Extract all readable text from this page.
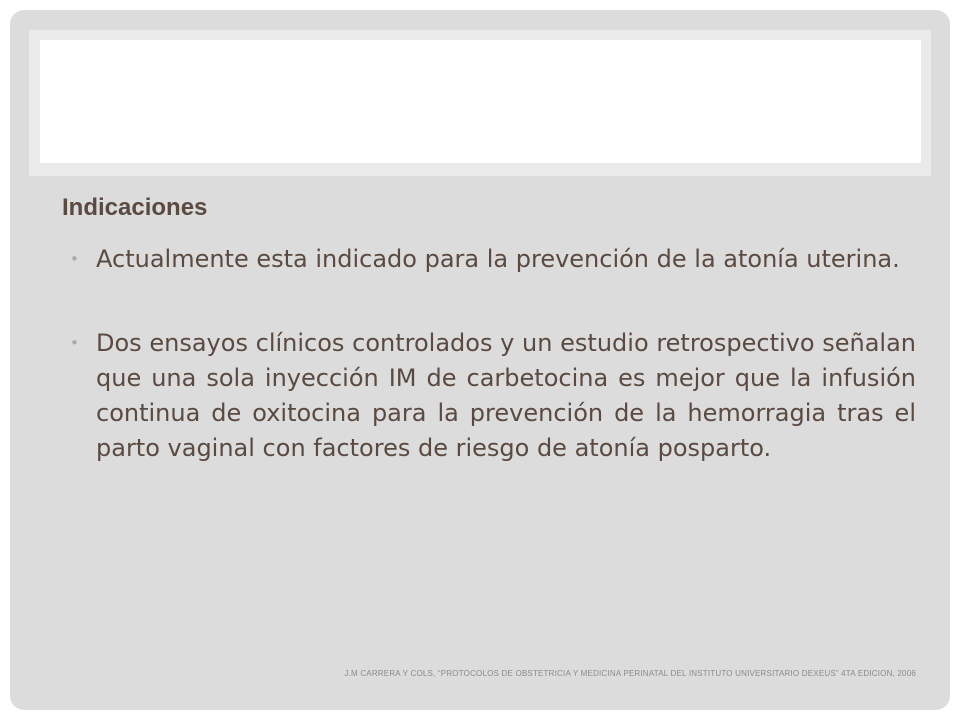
Indicaciones
• Actualmente esta indicado para la prevención de la atonía uterina.
• Dos ensayos clínicos controlados y un estudio retrospectivo señalan que una sola inyección IM de carbetocina es mejor que la infusión continua de oxitocina para la prevención de la hemorragia tras el parto vaginal con factores de riesgo de atonía posparto.
J.M CARRERA Y COLS, “PROTOCOLOS DE OBSTETRICIA Y MEDICINA PERINATAL DEL INSTITUTO UNIVERSITARIO DEXEUS” 4TA EDICION, 2006
